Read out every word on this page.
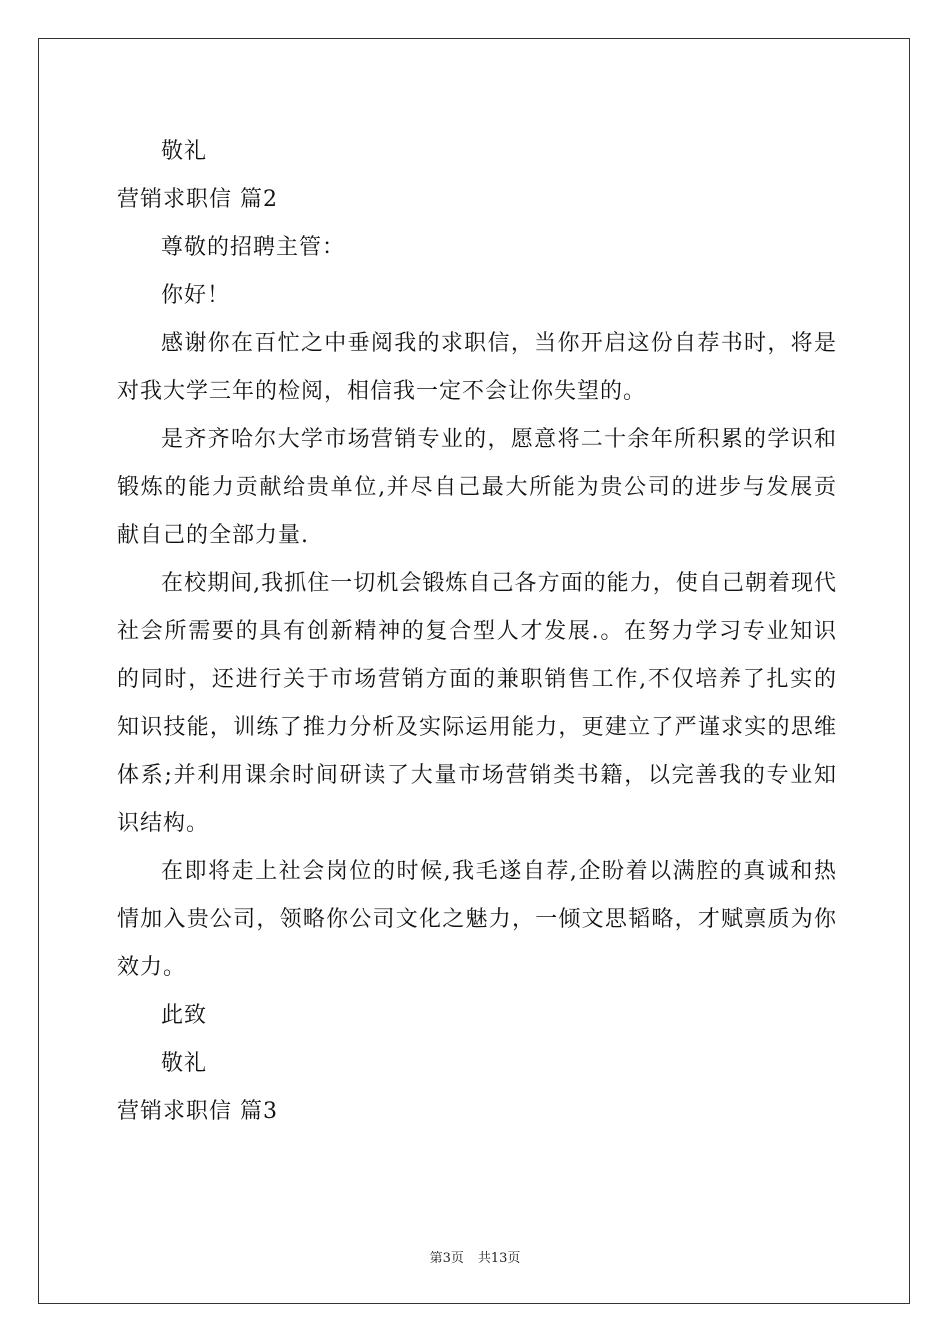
敬礼

营销求职信 篇2

尊敬的招聘主管：

你好！

感谢你在百忙之中垂阅我的求职信，当你开启这份自荐书时，将是对我大学三年的检阅，相信我一定不会让你失望的。

是齐齐哈尔大学市场营销专业的，愿意将二十余年所积累的学识和锻炼的能力贡献给贵单位,并尽自己最大所能为贵公司的进步与发展贡献自己的全部力量.

在校期间,我抓住一切机会锻炼自己各方面的能力，使自己朝着现代社会所需要的具有创新精神的复合型人才发展.。在努力学习专业知识的同时，还进行关于市场营销方面的兼职销售工作,不仅培养了扎实的知识技能，训练了推力分析及实际运用能力，更建立了严谨求实的思维体系;并利用课余时间研读了大量市场营销类书籍，以完善我的专业知识结构。

在即将走上社会岗位的时候,我毛遂自荐,企盼着以满腔的真诚和热情加入贵公司，领略你公司文化之魅力，一倾文思韬略，才赋禀质为你效力。

此致

敬礼

营销求职信 篇3

第3页 共13页
